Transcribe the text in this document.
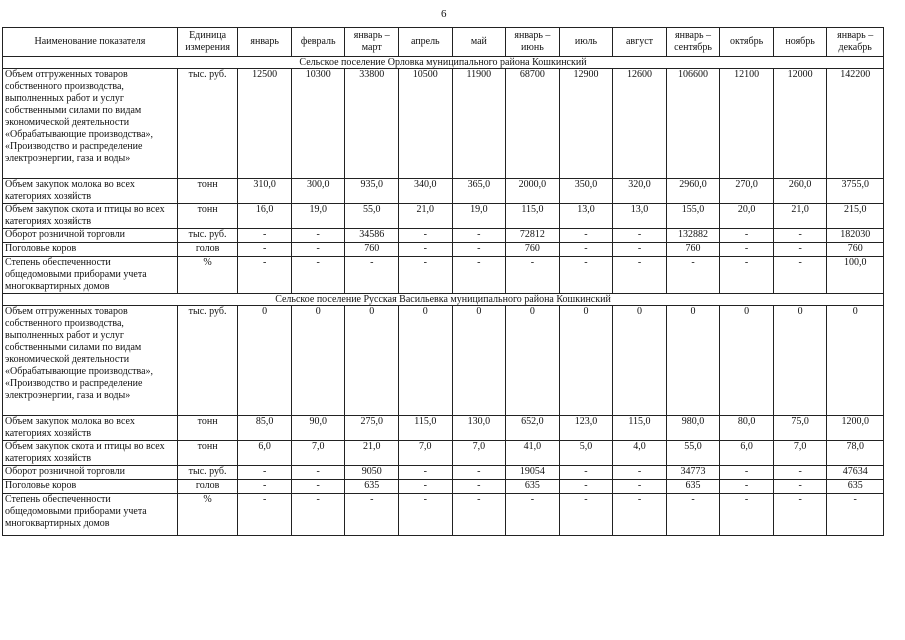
6
Наименование показателя	Единица измерения	январь	февраль	январь – март	апрель	май	январь – июнь	июль	август	январь – сентябрь	октябрь	ноябрь	январь – декабрь
Сельское поселение Орловка муниципального района Кошкинский													
Объем отгруженных товаров собственного производства, выполненных работ и услуг собственными силами по видам экономической деятельности «Обрабатывающие производства», «Производство и распределение электроэнергии, газа и воды»	тыс. руб.	12500	10300	33800	10500	11900	68700	12900	12600	106600	12100	12000	142200
Объем закупок молока во всех категориях хозяйств	тонн	310,0	300,0	935,0	340,0	365,0	2000,0	350,0	320,0	2960,0	270,0	260,0	3755,0
Объем закупок скота и птицы во всех категориях хозяйств	тонн	16,0	19,0	55,0	21,0	19,0	115,0	13,0	13,0	155,0	20,0	21,0	215,0
Оборот розничной торговли	тыс. руб.	-	-	34586	-	-	72812	-	-	132882	-	-	182030
Поголовье коров	голов	-	-	760	-	-	760	-	-	760	-	-	760
Степень обеспеченности общедомовыми приборами учета многоквартирных домов	%	-	-	-	-	-	-	-	-	-	-	-	100,0
Сельское поселение Русская Васильевка муниципального района Кошкинский													
Объем отгруженных товаров собственного производства, выполненных работ и услуг собственными силами по видам экономической деятельности «Обрабатывающие производства», «Производство и распределение электроэнергии, газа и воды»	тыс. руб.	0	0	0	0	0	0	0	0	0	0	0	0
Объем закупок молока во всех категориях хозяйств	тонн	85,0	90,0	275,0	115,0	130,0	652,0	123,0	115,0	980,0	80,0	75,0	1200,0
Объем закупок скота и птицы во всех категориях хозяйств	тонн	6,0	7,0	21,0	7,0	7,0	41,0	5,0	4,0	55,0	6,0	7,0	78,0
Оборот розничной торговли	тыс. руб.	-	-	9050	-	-	19054	-	-	34773	-	-	47634
Поголовье коров	голов	-	-	635	-	-	635	-	-	635	-	-	635
Степень обеспеченности общедомовыми приборами учета многоквартирных домов	%	-	-	-	-	-	-	-	-	-	-	-	-
